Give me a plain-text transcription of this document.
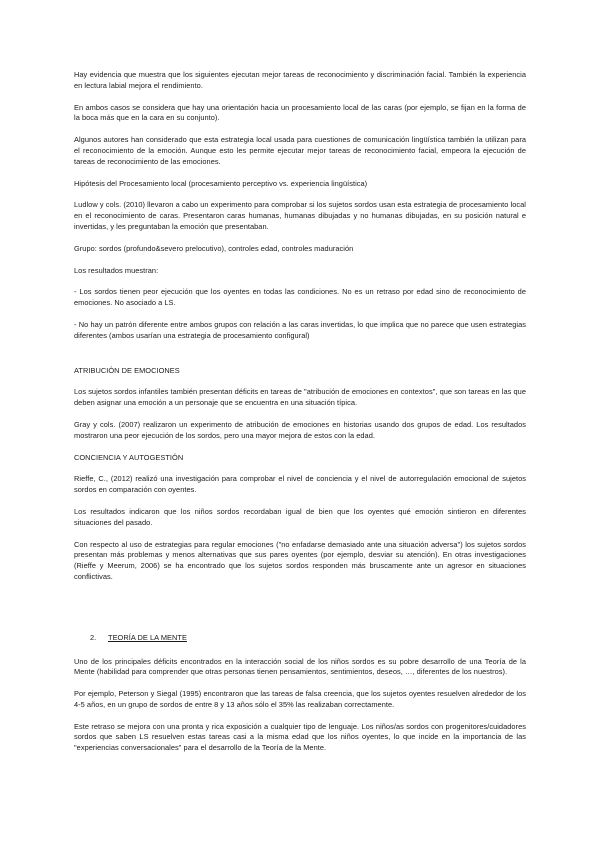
Hay evidencia que muestra que los siguientes ejecutan mejor tareas de reconocimiento y discriminación facial. También la experiencia en lectura labial mejora el rendimiento.

En ambos casos se considera que hay una orientación hacia un procesamiento local de las caras (por ejemplo, se fijan en la forma de la boca más que en la cara en su conjunto).

Algunos autores han considerado que esta estrategia local usada para cuestiones de comunicación lingüística también la utilizan para el reconocimiento de la emoción. Aunque esto les permite ejecutar mejor tareas de reconocimiento facial, empeora la ejecución de tareas de reconocimiento de las emociones.

Hipótesis del Procesamiento local (procesamiento perceptivo vs. experiencia lingüística)

Ludlow y cols. (2010) llevaron a cabo un experimento para comprobar si los sujetos sordos usan esta estrategia de procesamiento local en el reconocimiento de caras. Presentaron caras humanas, humanas dibujadas y no humanas dibujadas, en su posición natural e invertidas, y les preguntaban la emoción que presentaban.

Grupo: sordos (profundo&severo prelocutivo), controles edad, controles maduración

Los resultados muestran:

- Los sordos tienen peor ejecución que los oyentes en todas las condiciones. No es un retraso por edad sino de reconocimiento de emociones. No asociado a LS.

- No hay un patrón diferente entre ambos grupos con relación a las caras invertidas, lo que implica que no parece que usen estrategias diferentes (ambos usarían una estrategia de procesamiento configural)

ATRIBUCIÓN DE EMOCIONES

Los sujetos sordos infantiles también presentan déficits en tareas de "atribución de emociones en contextos", que son tareas en las que deben asignar una emoción a un personaje que se encuentra en una situación típica.

Gray y cols. (2007) realizaron un experimento de atribución de emociones en historias usando dos grupos de edad. Los resultados mostraron una peor ejecución de los sordos, pero una mayor mejora de estos con la edad.

CONCIENCIA Y AUTOGESTIÓN

Rieffe, C., (2012) realizó una investigación para comprobar el nivel de conciencia y el nivel de autorregulación emocional de sujetos sordos en comparación con oyentes.

Los resultados indicaron que los niños sordos recordaban igual de bien que los oyentes qué emoción sintieron en diferentes situaciones del pasado.

Con respecto al uso de estrategias para regular emociones ("no enfadarse demasiado ante una situación adversa") los sujetos sordos presentan más problemas y menos alternativas que sus pares oyentes (por ejemplo, desviar su atención). En otras investigaciones (Rieffe y Meerum, 2006) se ha encontrado que los sujetos sordos responden más bruscamente ante un agresor en situaciones conflictivas.

2.	TEORÍA DE LA MENTE

Uno de los principales déficits encontrados en la interacción social de los niños sordos es su pobre desarrollo de una Teoría de la Mente (habilidad para comprender que otras personas tienen pensamientos, sentimientos, deseos, …, diferentes de los nuestros).

Por ejemplo, Peterson y Siegal (1995) encontraron que las tareas de falsa creencia, que los sujetos oyentes resuelven alrededor de los 4-5 años, en un grupo de sordos de entre 8 y 13 años sólo el 35% las realizaban correctamente.

Este retraso se mejora con una pronta y rica exposición a cualquier tipo de lenguaje. Los niños/as sordos con progenitores/cuidadores sordos que saben LS resuelven estas tareas casi a la misma edad que los niños oyentes, lo que incide en la importancia de las "experiencias conversacionales" para el desarrollo de la Teoría de la Mente.
